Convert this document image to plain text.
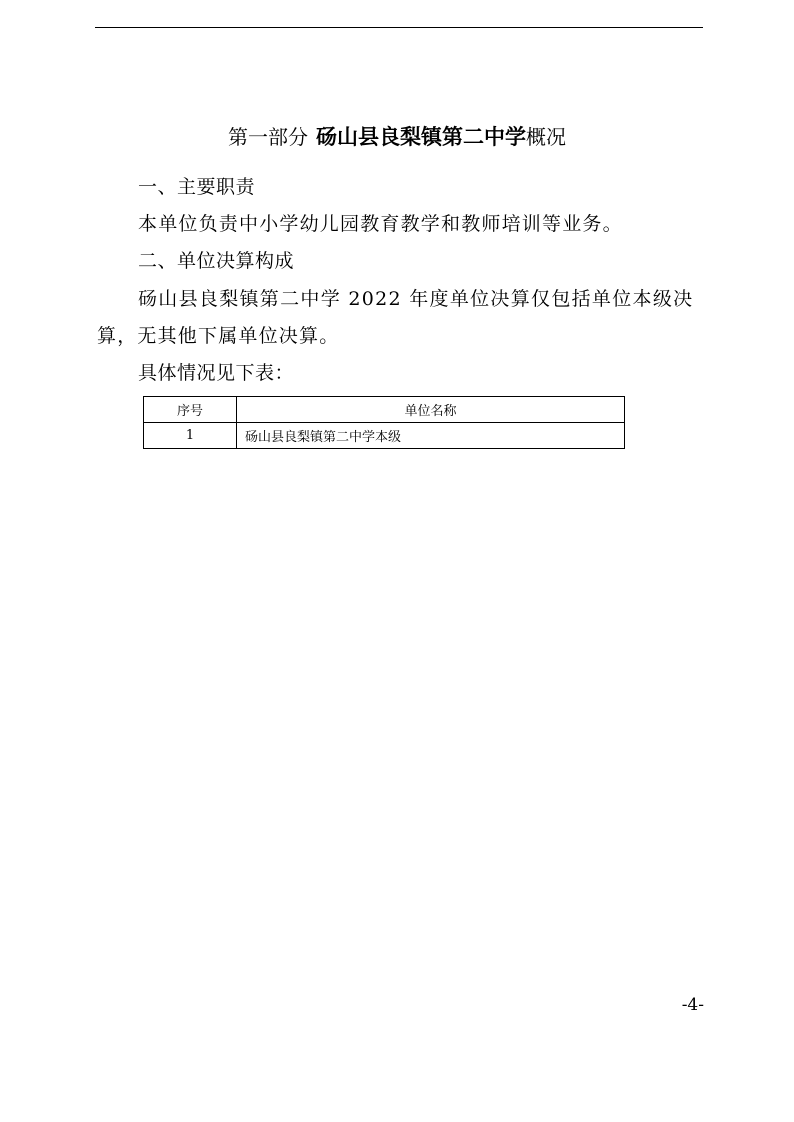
第一部分 砀山县良梨镇第二中学概况
一、主要职责
本单位负责中小学幼儿园教育教学和教师培训等业务。
二、单位决算构成
砀山县良梨镇第二中学 2022 年度单位决算仅包括单位本级决
算，无其他下属单位决算。
具体情况见下表：
序号	单位名称
1	砀山县良梨镇第二中学本级
-4-
